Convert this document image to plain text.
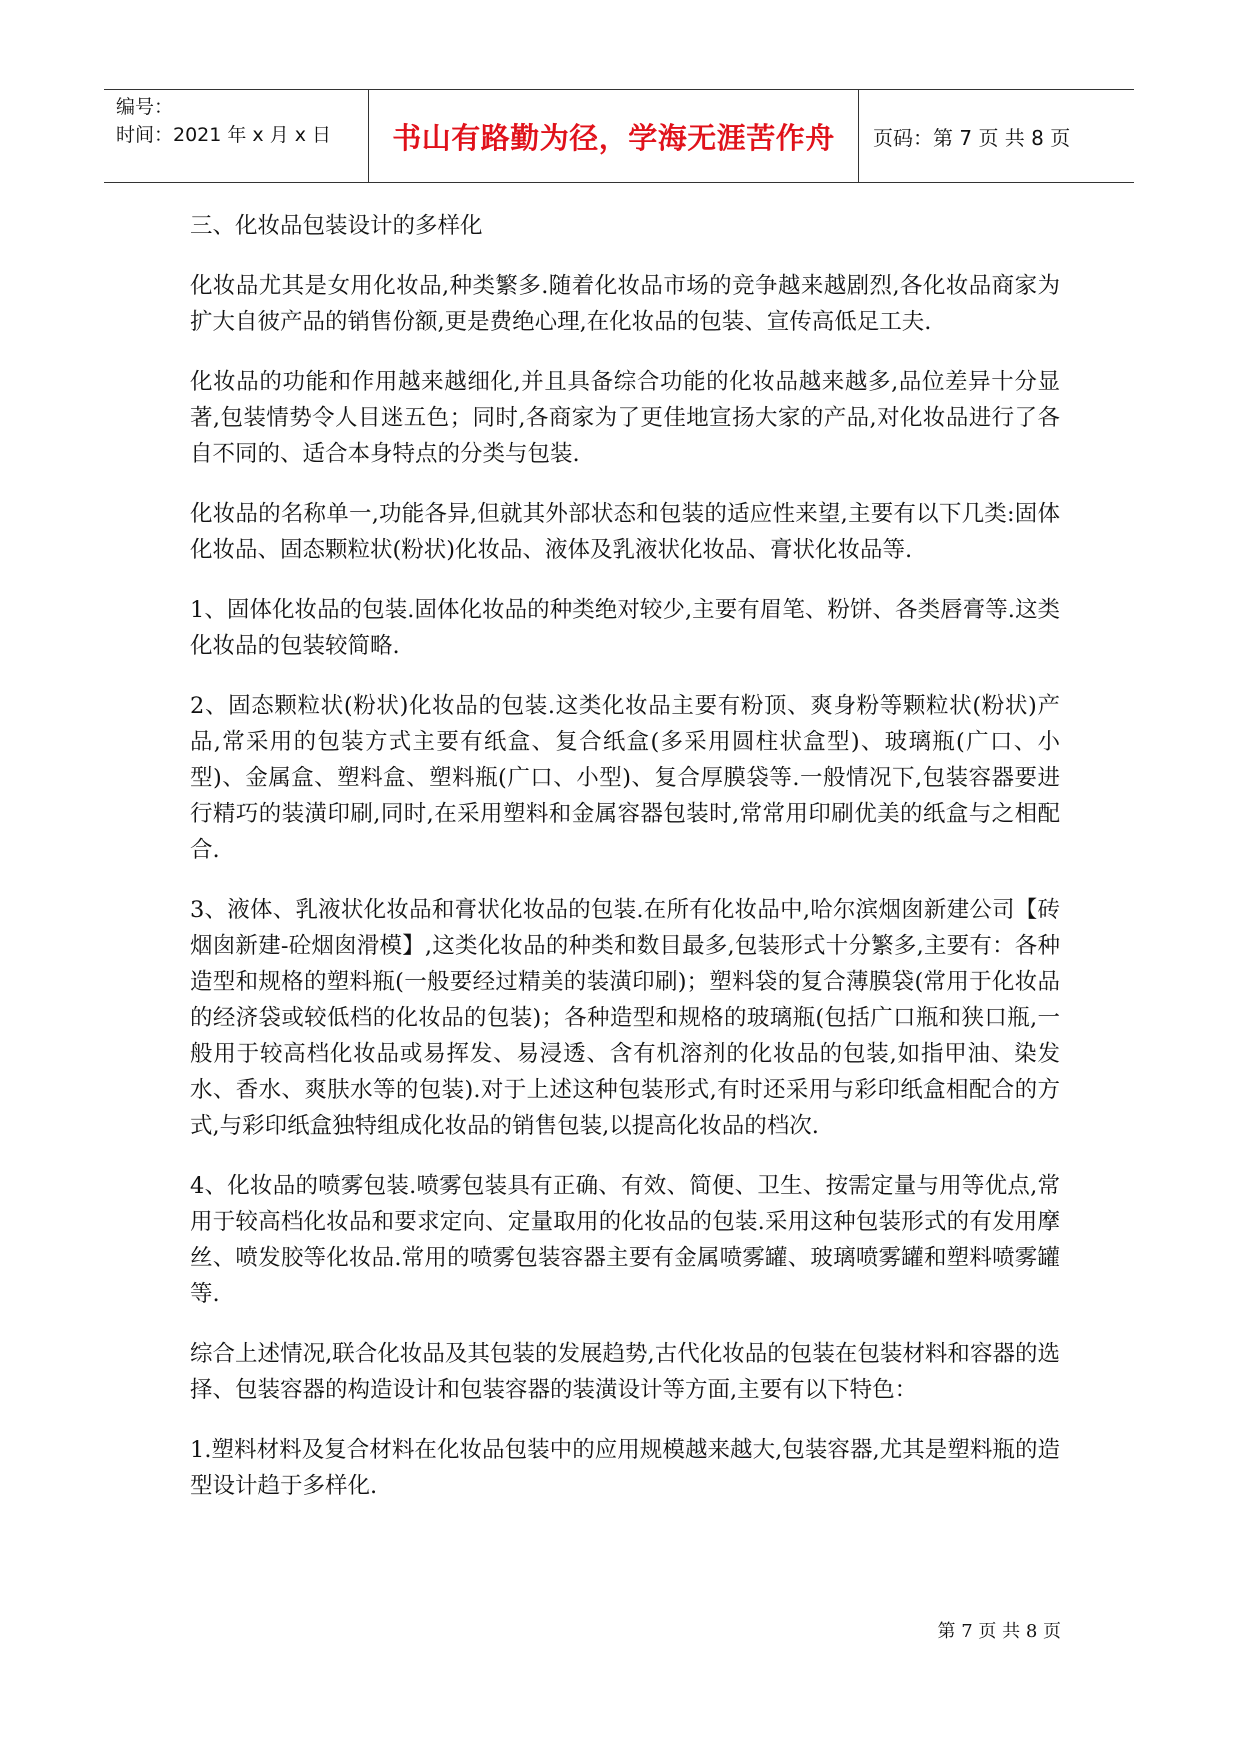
编号：
时间：2021 年 x 月 x 日 书山有路勤为径，学海无涯苦作舟 页码：第 7 页 共 8 页

三、化妆品包装设计的多样化

化妆品尤其是女用化妆品,种类繁多.随着化妆品市场的竞争越来越剧烈,各化妆品商家为扩大自彼产品的销售份额,更是费绝心理,在化妆品的包装、宣传高低足工夫.

化妆品的功能和作用越来越细化,并且具备综合功能的化妆品越来越多,品位差异十分显著,包装情势令人目迷五色；同时,各商家为了更佳地宣扬大家的产品,对化妆品进行了各自不同的、适合本身特点的分类与包装.

化妆品的名称单一,功能各异,但就其外部状态和包装的适应性来望,主要有以下几类:固体化妆品、固态颗粒状(粉状)化妆品、液体及乳液状化妆品、膏状化妆品等.

1、固体化妆品的包装.固体化妆品的种类绝对较少,主要有眉笔、粉饼、各类唇膏等.这类化妆品的包装较简略.

2、固态颗粒状(粉状)化妆品的包装.这类化妆品主要有粉顶、爽身粉等颗粒状(粉状)产品,常采用的包装方式主要有纸盒、复合纸盒(多采用圆柱状盒型)、玻璃瓶(广口、小型)、金属盒、塑料盒、塑料瓶(广口、小型)、复合厚膜袋等.一般情况下,包装容器要进行精巧的装潢印刷,同时,在采用塑料和金属容器包装时,常常用印刷优美的纸盒与之相配合.

3、液体、乳液状化妆品和膏状化妆品的包装.在所有化妆品中,哈尔滨烟囱新建公司【砖烟囱新建-砼烟囱滑模】,这类化妆品的种类和数目最多,包装形式十分繁多,主要有：各种造型和规格的塑料瓶(一般要经过精美的装潢印刷)；塑料袋的复合薄膜袋(常用于化妆品的经济袋或较低档的化妆品的包装)；各种造型和规格的玻璃瓶(包括广口瓶和狭口瓶,一般用于较高档化妆品或易挥发、易浸透、含有机溶剂的化妆品的包装,如指甲油、染发水、香水、爽肤水等的包装).对于上述这种包装形式,有时还采用与彩印纸盒相配合的方式,与彩印纸盒独特组成化妆品的销售包装,以提高化妆品的档次.

4、化妆品的喷雾包装.喷雾包装具有正确、有效、简便、卫生、按需定量与用等优点,常用于较高档化妆品和要求定向、定量取用的化妆品的包装.采用这种包装形式的有发用摩丝、喷发胶等化妆品.常用的喷雾包装容器主要有金属喷雾罐、玻璃喷雾罐和塑料喷雾罐等.

综合上述情况,联合化妆品及其包装的发展趋势,古代化妆品的包装在包装材料和容器的选择、包装容器的构造设计和包装容器的装潢设计等方面,主要有以下特色：

1.塑料材料及复合材料在化妆品包装中的应用规模越来越大,包装容器,尤其是塑料瓶的造型设计趋于多样化.

第 7 页 共 8 页
